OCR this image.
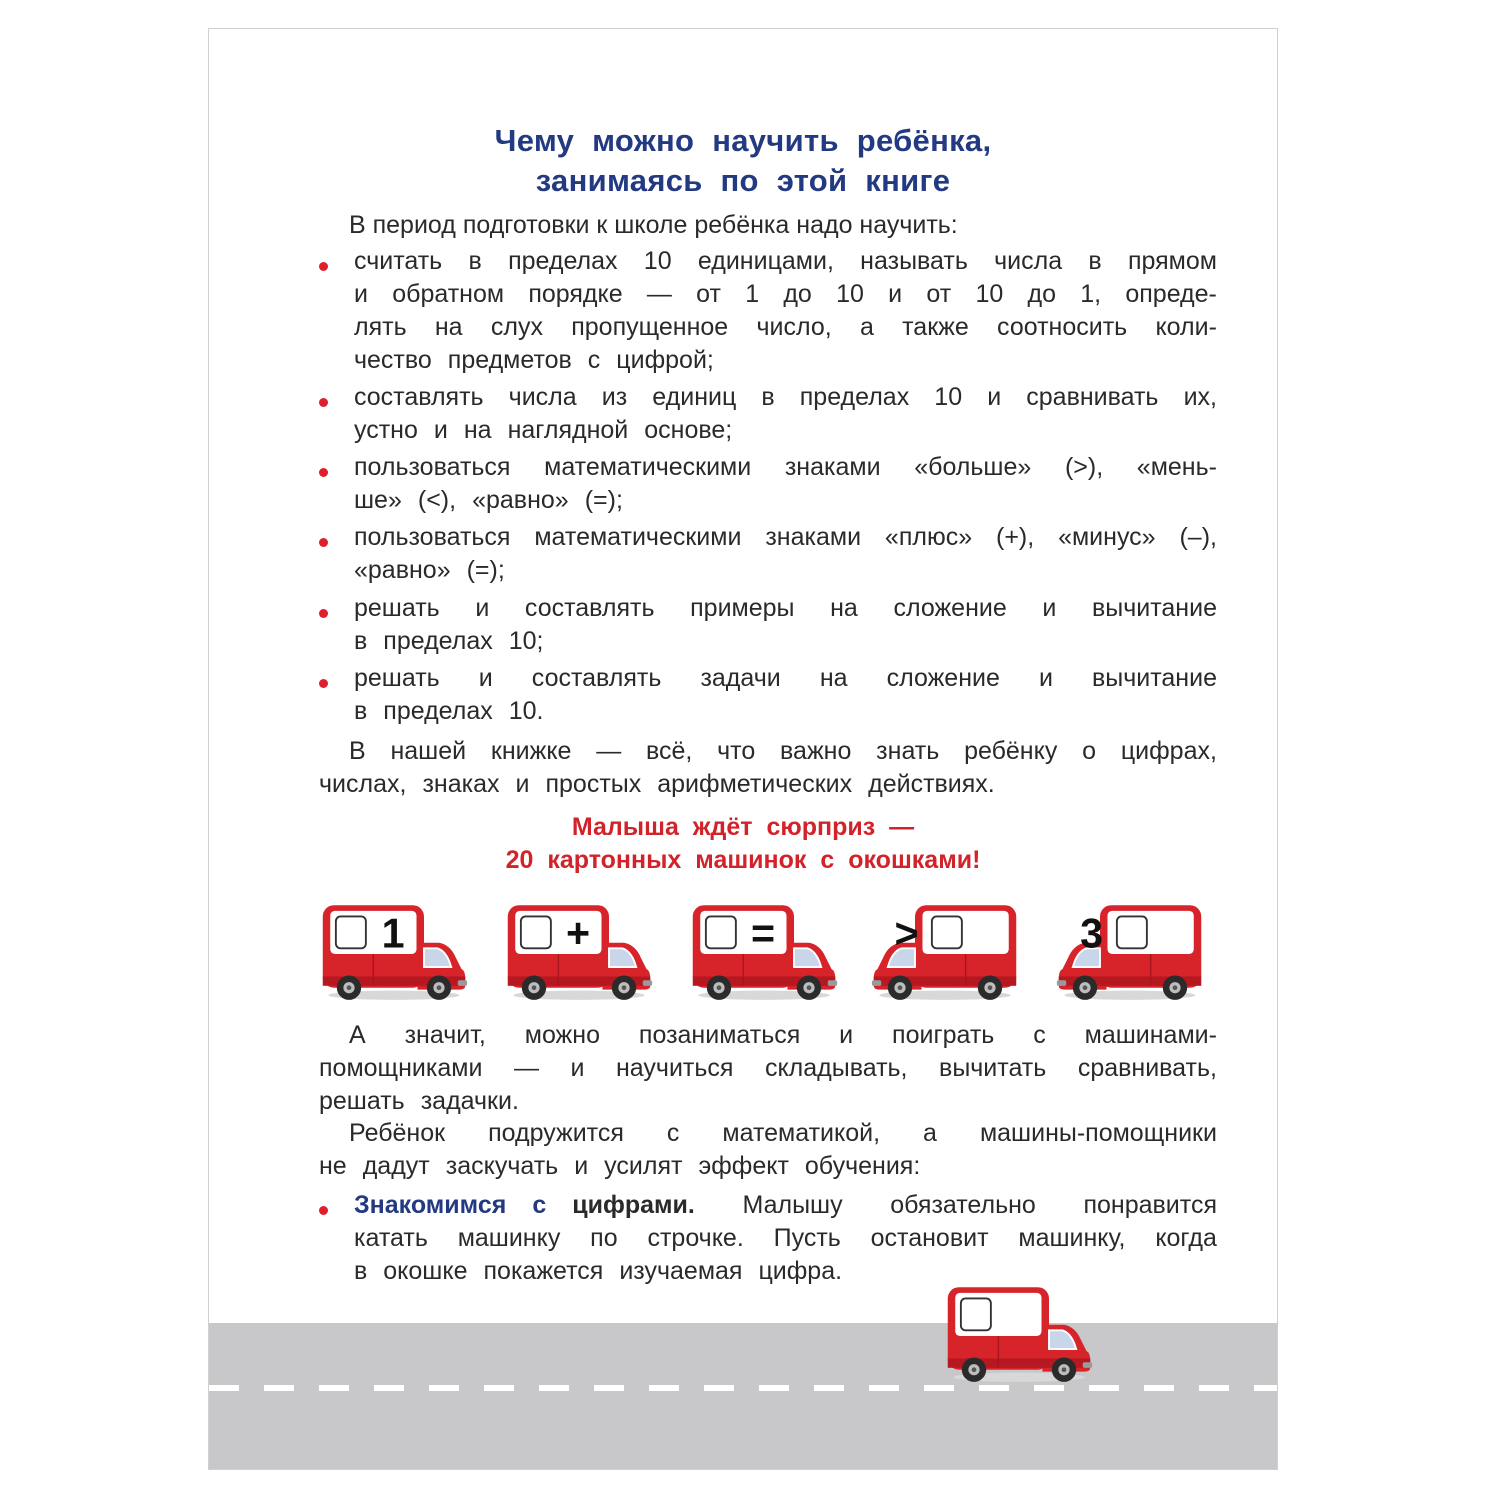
Чему можно научить ребёнка,
занимаясь по этой книге
В период подготовки к школе ребёнка надо научить:
считать в пределах 10 единицами, называть числа в прямом
и обратном порядке — от 1 до 10 и от 10 до 1, опреде-
лять на слух пропущенное число, а также соотносить коли-
чество предметов с цифрой;
составлять числа из единиц в пределах 10 и сравнивать их,
устно и на наглядной основе;
пользоваться математическими знаками «больше» (>), «мень-
ше» (<), «равно» (=);
пользоваться математическими знаками «плюс» (+), «минус» (–),
«равно» (=);
решать и составлять примеры на сложение и вычитание
в пределах 10;
решать и составлять задачи на сложение и вычитание
в пределах 10.
В нашей книжке — всё, что важно знать ребёнку о цифрах,
числах, знаках и простых арифметических действиях.
Малыша ждёт сюрприз —
20 картонных машинок с окошками!
1	+	=	>	3
А значит, можно позаниматься и поиграть с машинами-
помощниками — и научиться складывать, вычитать сравнивать,
решать задачки.
Ребёнок подружится с математикой, а машины-помощники
не дадут заскучать и усилят эффект обучения:
Знакомимся с цифрами. Малышу обязательно понравится
катать машинку по строчке. Пусть остановит машинку, когда
в окошке покажется изучаемая цифра.
